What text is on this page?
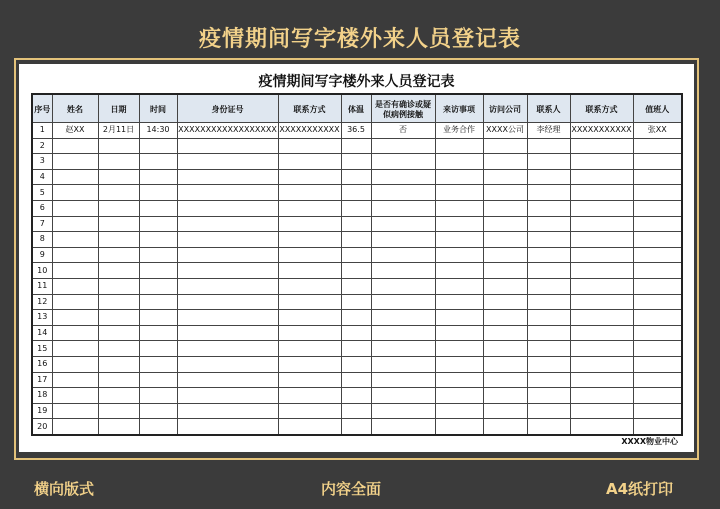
疫情期间写字楼外来人员登记表
疫情期间写字楼外来人员登记表
序号	姓名	日期	时间	身份证号	联系方式	体温	是否有确诊或疑似病例接触	来访事项	访问公司	联系人	联系方式	值班人
1	赵XX	2月11日	14:30	XXXXXXXXXXXXXXXXXX	XXXXXXXXXXX	36.5	否	业务合作	XXXX公司	李经理	XXXXXXXXXXX	张XX
2												
3												
4												
5												
6												
7												
8												
9												
10												
11												
12												
13												
14												
15												
16												
17												
18												
19												
20												
XXXX物业中心
横向版式	内容全面	A4纸打印
